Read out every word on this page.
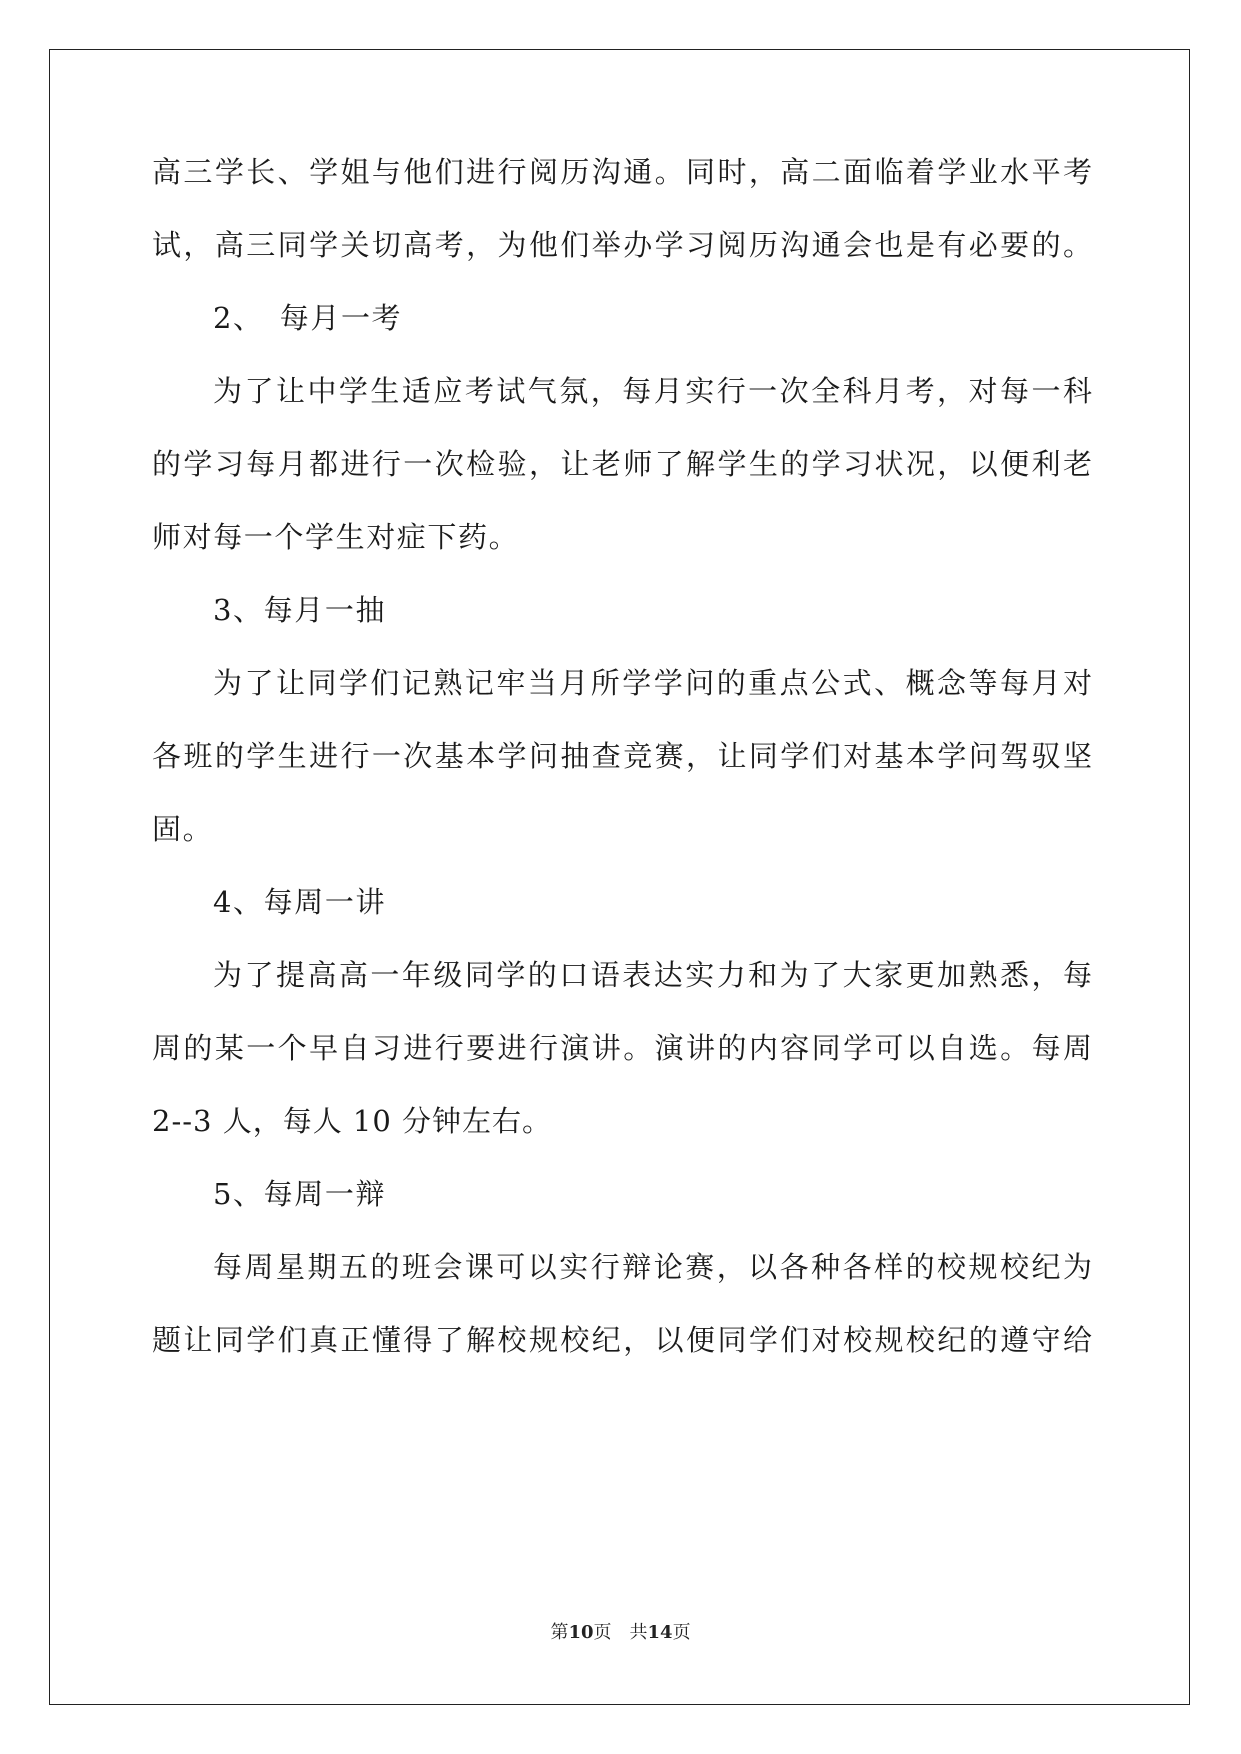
高三学长、学姐与他们进行阅历沟通。同时，高二面临着学业水平考
试，高三同学关切高考，为他们举办学习阅历沟通会也是有必要的。
2、　每月一考
为了让中学生适应考试气氛，每月实行一次全科月考，对每一科
的学习每月都进行一次检验，让老师了解学生的学习状况，以便利老
师对每一个学生对症下药。
3、每月一抽
为了让同学们记熟记牢当月所学学问的重点公式、概念等每月对
各班的学生进行一次基本学问抽查竞赛，让同学们对基本学问驾驭坚
固。
4、每周一讲
为了提高高一年级同学的口语表达实力和为了大家更加熟悉，每
周的某一个早自习进行要进行演讲。演讲的内容同学可以自选。每周
2--3 人，每人 10 分钟左右。
5、每周一辩
每周星期五的班会课可以实行辩论赛，以各种各样的校规校纪为
题让同学们真正懂得了解校规校纪，以便同学们对校规校纪的遵守给
第10页　共14页
